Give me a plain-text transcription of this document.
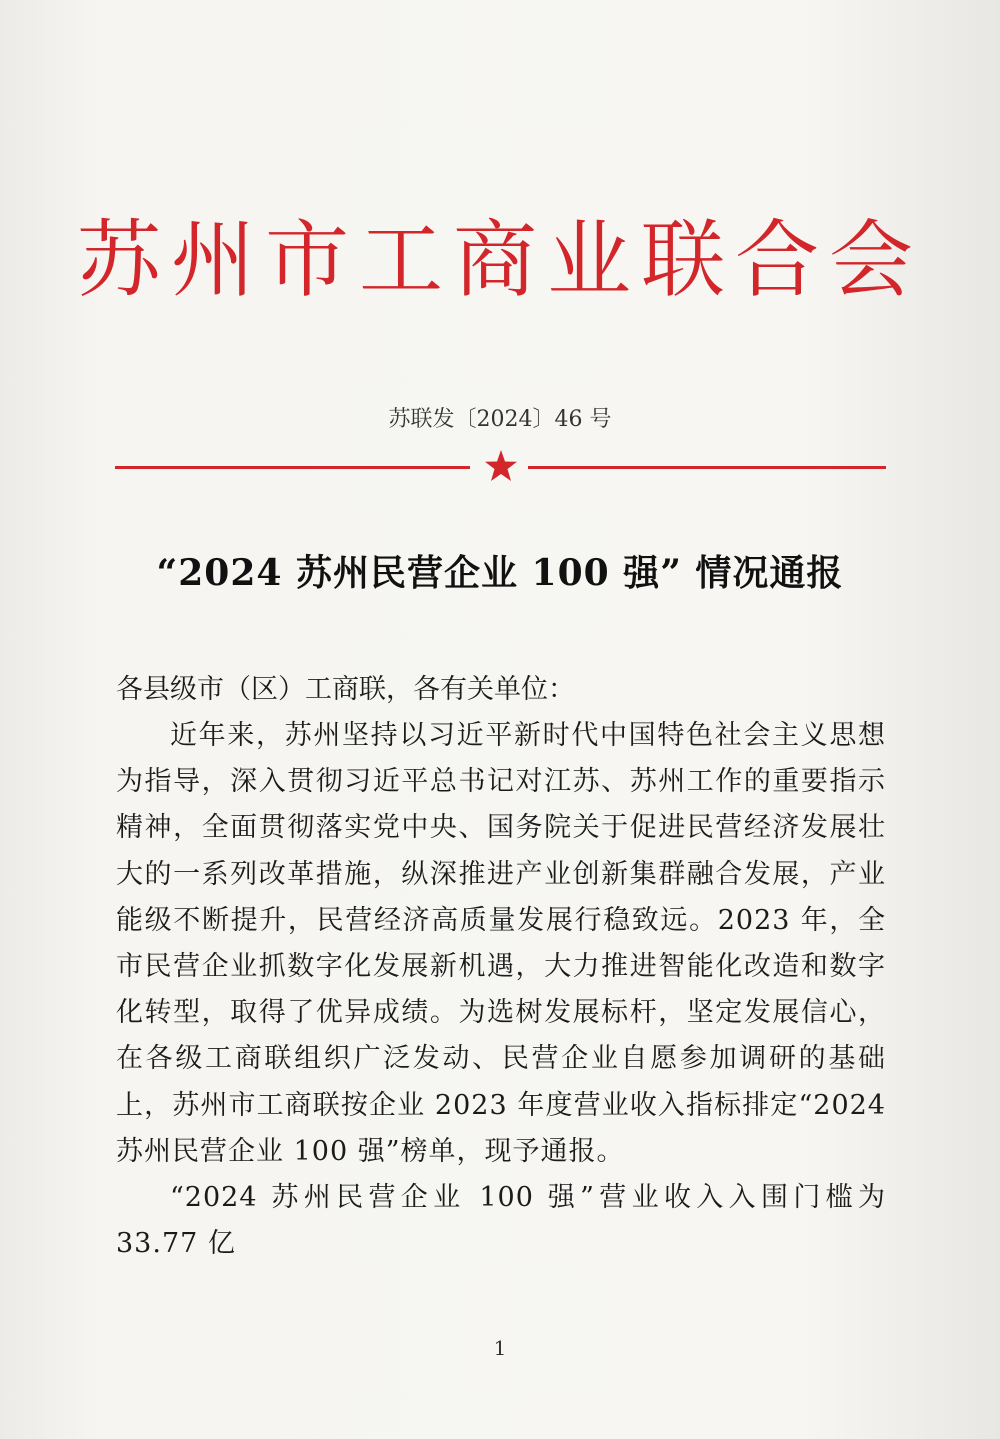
苏州市工商业联合会
苏联发〔2024〕46 号
“2024 苏州民营企业 100 强” 情况通报
各县级市（区）工商联，各有关单位：

近年来，苏州坚持以习近平新时代中国特色社会主义思想为指导，深入贯彻习近平总书记对江苏、苏州工作的重要指示精神，全面贯彻落实党中央、国务院关于促进民营经济发展壮大的一系列改革措施，纵深推进产业创新集群融合发展，产业能级不断提升，民营经济高质量发展行稳致远。2023 年，全市民营企业抓数字化发展新机遇，大力推进智能化改造和数字化转型，取得了优异成绩。为选树发展标杆，坚定发展信心，在各级工商联组织广泛发动、民营企业自愿参加调研的基础上，苏州市工商联按企业 2023 年度营业收入指标排定“2024 苏州民营企业 100 强”榜单，现予通报。

“2024 苏州民营企业 100 强”营业收入入围门槛为 33.77 亿

1
